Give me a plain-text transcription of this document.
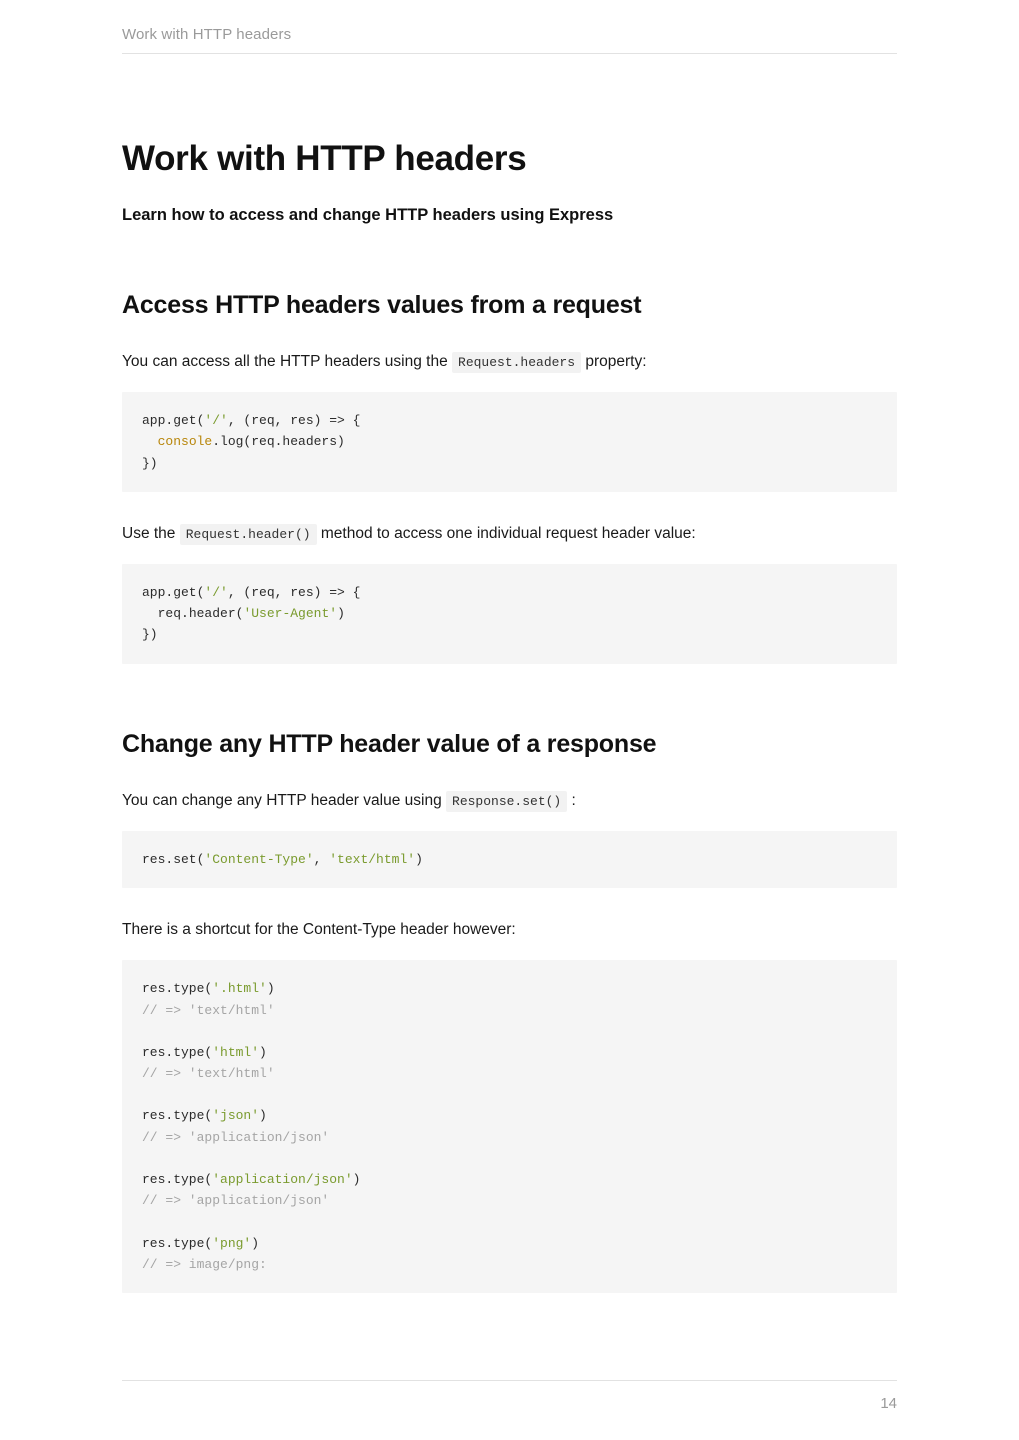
Work with HTTP headers
Work with HTTP headers
Learn how to access and change HTTP headers using Express
Access HTTP headers values from a request

You can access all the HTTP headers using the Request.headers property:

app.get('/', (req, res) => {
console.log(req.headers)
})

Use the Request.header() method to access one individual request header value:

app.get('/', (req, res) => {
req.header('User-Agent')
})
Change any HTTP header value of a response

You can change any HTTP header value using Response.set() :

res.set('Content-Type', 'text/html')

There is a shortcut for the Content-Type header however:

res.type('.html')
// => 'text/html'

res.type('html')
// => 'text/html'

res.type('json')
// => 'application/json'

res.type('application/json')
// => 'application/json'

res.type('png')
// => image/png:
14
